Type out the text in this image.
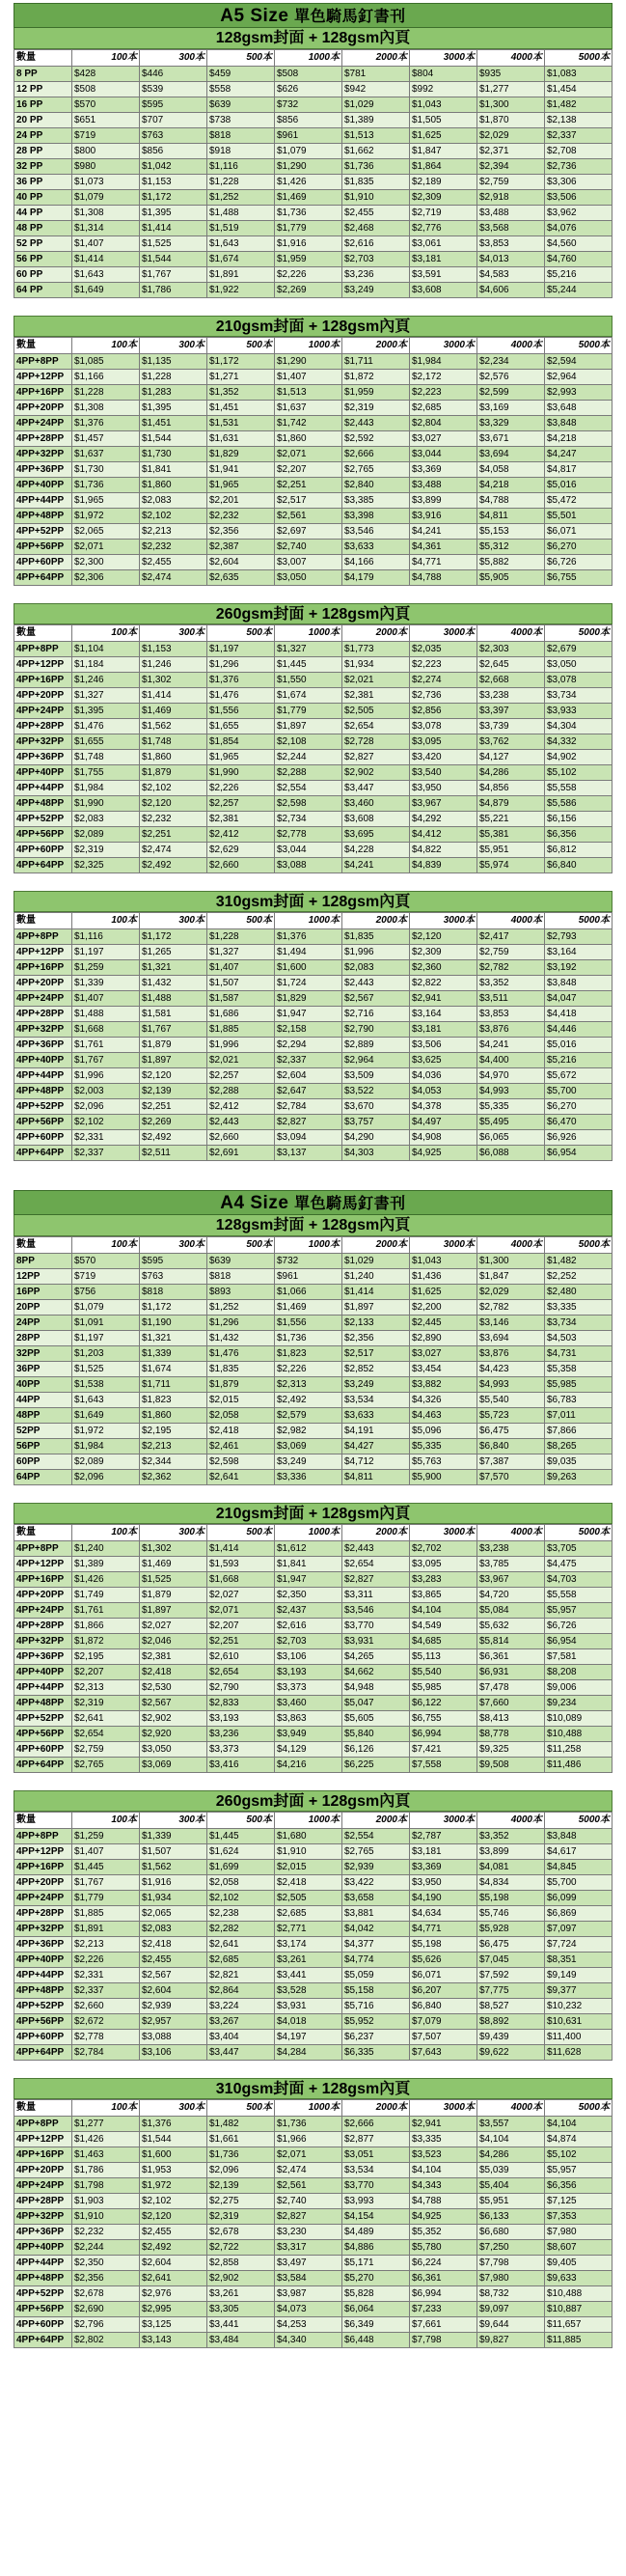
A5 Size 單色騎馬釘書刊
128gsm封面 + 128gsm內頁
數量	100本	300本	500本	1000本	2000本	3000本	4000本	5000本
8 PP	$428	$446	$459	$508	$781	$804	$935	$1,083
12 PP	$508	$539	$558	$626	$942	$992	$1,277	$1,454
16 PP	$570	$595	$639	$732	$1,029	$1,043	$1,300	$1,482
20 PP	$651	$707	$738	$856	$1,389	$1,505	$1,870	$2,138
24 PP	$719	$763	$818	$961	$1,513	$1,625	$2,029	$2,337
28 PP	$800	$856	$918	$1,079	$1,662	$1,847	$2,371	$2,708
32 PP	$980	$1,042	$1,116	$1,290	$1,736	$1,864	$2,394	$2,736
36 PP	$1,073	$1,153	$1,228	$1,426	$1,835	$2,189	$2,759	$3,306
40 PP	$1,079	$1,172	$1,252	$1,469	$1,910	$2,309	$2,918	$3,506
44 PP	$1,308	$1,395	$1,488	$1,736	$2,455	$2,719	$3,488	$3,962
48 PP	$1,314	$1,414	$1,519	$1,779	$2,468	$2,776	$3,568	$4,076
52 PP	$1,407	$1,525	$1,643	$1,916	$2,616	$3,061	$3,853	$4,560
56 PP	$1,414	$1,544	$1,674	$1,959	$2,703	$3,181	$4,013	$4,760
60 PP	$1,643	$1,767	$1,891	$2,226	$3,236	$3,591	$4,583	$5,216
64 PP	$1,649	$1,786	$1,922	$2,269	$3,249	$3,608	$4,606	$5,244
210gsm封面 + 128gsm內頁
數量	100本	300本	500本	1000本	2000本	3000本	4000本	5000本
4PP+8PP	$1,085	$1,135	$1,172	$1,290	$1,711	$1,984	$2,234	$2,594
4PP+12PP	$1,166	$1,228	$1,271	$1,407	$1,872	$2,172	$2,576	$2,964
4PP+16PP	$1,228	$1,283	$1,352	$1,513	$1,959	$2,223	$2,599	$2,993
4PP+20PP	$1,308	$1,395	$1,451	$1,637	$2,319	$2,685	$3,169	$3,648
4PP+24PP	$1,376	$1,451	$1,531	$1,742	$2,443	$2,804	$3,329	$3,848
4PP+28PP	$1,457	$1,544	$1,631	$1,860	$2,592	$3,027	$3,671	$4,218
4PP+32PP	$1,637	$1,730	$1,829	$2,071	$2,666	$3,044	$3,694	$4,247
4PP+36PP	$1,730	$1,841	$1,941	$2,207	$2,765	$3,369	$4,058	$4,817
4PP+40PP	$1,736	$1,860	$1,965	$2,251	$2,840	$3,488	$4,218	$5,016
4PP+44PP	$1,965	$2,083	$2,201	$2,517	$3,385	$3,899	$4,788	$5,472
4PP+48PP	$1,972	$2,102	$2,232	$2,561	$3,398	$3,916	$4,811	$5,501
4PP+52PP	$2,065	$2,213	$2,356	$2,697	$3,546	$4,241	$5,153	$6,071
4PP+56PP	$2,071	$2,232	$2,387	$2,740	$3,633	$4,361	$5,312	$6,270
4PP+60PP	$2,300	$2,455	$2,604	$3,007	$4,166	$4,771	$5,882	$6,726
4PP+64PP	$2,306	$2,474	$2,635	$3,050	$4,179	$4,788	$5,905	$6,755
260gsm封面 + 128gsm內頁
數量	100本	300本	500本	1000本	2000本	3000本	4000本	5000本
4PP+8PP	$1,104	$1,153	$1,197	$1,327	$1,773	$2,035	$2,303	$2,679
4PP+12PP	$1,184	$1,246	$1,296	$1,445	$1,934	$2,223	$2,645	$3,050
4PP+16PP	$1,246	$1,302	$1,376	$1,550	$2,021	$2,274	$2,668	$3,078
4PP+20PP	$1,327	$1,414	$1,476	$1,674	$2,381	$2,736	$3,238	$3,734
4PP+24PP	$1,395	$1,469	$1,556	$1,779	$2,505	$2,856	$3,397	$3,933
4PP+28PP	$1,476	$1,562	$1,655	$1,897	$2,654	$3,078	$3,739	$4,304
4PP+32PP	$1,655	$1,748	$1,854	$2,108	$2,728	$3,095	$3,762	$4,332
4PP+36PP	$1,748	$1,860	$1,965	$2,244	$2,827	$3,420	$4,127	$4,902
4PP+40PP	$1,755	$1,879	$1,990	$2,288	$2,902	$3,540	$4,286	$5,102
4PP+44PP	$1,984	$2,102	$2,226	$2,554	$3,447	$3,950	$4,856	$5,558
4PP+48PP	$1,990	$2,120	$2,257	$2,598	$3,460	$3,967	$4,879	$5,586
4PP+52PP	$2,083	$2,232	$2,381	$2,734	$3,608	$4,292	$5,221	$6,156
4PP+56PP	$2,089	$2,251	$2,412	$2,778	$3,695	$4,412	$5,381	$6,356
4PP+60PP	$2,319	$2,474	$2,629	$3,044	$4,228	$4,822	$5,951	$6,812
4PP+64PP	$2,325	$2,492	$2,660	$3,088	$4,241	$4,839	$5,974	$6,840
310gsm封面 + 128gsm內頁
數量	100本	300本	500本	1000本	2000本	3000本	4000本	5000本
4PP+8PP	$1,116	$1,172	$1,228	$1,376	$1,835	$2,120	$2,417	$2,793
4PP+12PP	$1,197	$1,265	$1,327	$1,494	$1,996	$2,309	$2,759	$3,164
4PP+16PP	$1,259	$1,321	$1,407	$1,600	$2,083	$2,360	$2,782	$3,192
4PP+20PP	$1,339	$1,432	$1,507	$1,724	$2,443	$2,822	$3,352	$3,848
4PP+24PP	$1,407	$1,488	$1,587	$1,829	$2,567	$2,941	$3,511	$4,047
4PP+28PP	$1,488	$1,581	$1,686	$1,947	$2,716	$3,164	$3,853	$4,418
4PP+32PP	$1,668	$1,767	$1,885	$2,158	$2,790	$3,181	$3,876	$4,446
4PP+36PP	$1,761	$1,879	$1,996	$2,294	$2,889	$3,506	$4,241	$5,016
4PP+40PP	$1,767	$1,897	$2,021	$2,337	$2,964	$3,625	$4,400	$5,216
4PP+44PP	$1,996	$2,120	$2,257	$2,604	$3,509	$4,036	$4,970	$5,672
4PP+48PP	$2,003	$2,139	$2,288	$2,647	$3,522	$4,053	$4,993	$5,700
4PP+52PP	$2,096	$2,251	$2,412	$2,784	$3,670	$4,378	$5,335	$6,270
4PP+56PP	$2,102	$2,269	$2,443	$2,827	$3,757	$4,497	$5,495	$6,470
4PP+60PP	$2,331	$2,492	$2,660	$3,094	$4,290	$4,908	$6,065	$6,926
4PP+64PP	$2,337	$2,511	$2,691	$3,137	$4,303	$4,925	$6,088	$6,954
A4 Size 單色騎馬釘書刊
128gsm封面 + 128gsm內頁
數量	100本	300本	500本	1000本	2000本	3000本	4000本	5000本
8PP	$570	$595	$639	$732	$1,029	$1,043	$1,300	$1,482
12PP	$719	$763	$818	$961	$1,240	$1,436	$1,847	$2,252
16PP	$756	$818	$893	$1,066	$1,414	$1,625	$2,029	$2,480
20PP	$1,079	$1,172	$1,252	$1,469	$1,897	$2,200	$2,782	$3,335
24PP	$1,091	$1,190	$1,296	$1,556	$2,133	$2,445	$3,146	$3,734
28PP	$1,197	$1,321	$1,432	$1,736	$2,356	$2,890	$3,694	$4,503
32PP	$1,203	$1,339	$1,476	$1,823	$2,517	$3,027	$3,876	$4,731
36PP	$1,525	$1,674	$1,835	$2,226	$2,852	$3,454	$4,423	$5,358
40PP	$1,538	$1,711	$1,879	$2,313	$3,249	$3,882	$4,993	$5,985
44PP	$1,643	$1,823	$2,015	$2,492	$3,534	$4,326	$5,540	$6,783
48PP	$1,649	$1,860	$2,058	$2,579	$3,633	$4,463	$5,723	$7,011
52PP	$1,972	$2,195	$2,418	$2,982	$4,191	$5,096	$6,475	$7,866
56PP	$1,984	$2,213	$2,461	$3,069	$4,427	$5,335	$6,840	$8,265
60PP	$2,089	$2,344	$2,598	$3,249	$4,712	$5,763	$7,387	$9,035
64PP	$2,096	$2,362	$2,641	$3,336	$4,811	$5,900	$7,570	$9,263
210gsm封面 + 128gsm內頁
數量	100本	300本	500本	1000本	2000本	3000本	4000本	5000本
4PP+8PP	$1,240	$1,302	$1,414	$1,612	$2,443	$2,702	$3,238	$3,705
4PP+12PP	$1,389	$1,469	$1,593	$1,841	$2,654	$3,095	$3,785	$4,475
4PP+16PP	$1,426	$1,525	$1,668	$1,947	$2,827	$3,283	$3,967	$4,703
4PP+20PP	$1,749	$1,879	$2,027	$2,350	$3,311	$3,865	$4,720	$5,558
4PP+24PP	$1,761	$1,897	$2,071	$2,437	$3,546	$4,104	$5,084	$5,957
4PP+28PP	$1,866	$2,027	$2,207	$2,616	$3,770	$4,549	$5,632	$6,726
4PP+32PP	$1,872	$2,046	$2,251	$2,703	$3,931	$4,685	$5,814	$6,954
4PP+36PP	$2,195	$2,381	$2,610	$3,106	$4,265	$5,113	$6,361	$7,581
4PP+40PP	$2,207	$2,418	$2,654	$3,193	$4,662	$5,540	$6,931	$8,208
4PP+44PP	$2,313	$2,530	$2,790	$3,373	$4,948	$5,985	$7,478	$9,006
4PP+48PP	$2,319	$2,567	$2,833	$3,460	$5,047	$6,122	$7,660	$9,234
4PP+52PP	$2,641	$2,902	$3,193	$3,863	$5,605	$6,755	$8,413	$10,089
4PP+56PP	$2,654	$2,920	$3,236	$3,949	$5,840	$6,994	$8,778	$10,488
4PP+60PP	$2,759	$3,050	$3,373	$4,129	$6,126	$7,421	$9,325	$11,258
4PP+64PP	$2,765	$3,069	$3,416	$4,216	$6,225	$7,558	$9,508	$11,486
260gsm封面 + 128gsm內頁
數量	100本	300本	500本	1000本	2000本	3000本	4000本	5000本
4PP+8PP	$1,259	$1,339	$1,445	$1,680	$2,554	$2,787	$3,352	$3,848
4PP+12PP	$1,407	$1,507	$1,624	$1,910	$2,765	$3,181	$3,899	$4,617
4PP+16PP	$1,445	$1,562	$1,699	$2,015	$2,939	$3,369	$4,081	$4,845
4PP+20PP	$1,767	$1,916	$2,058	$2,418	$3,422	$3,950	$4,834	$5,700
4PP+24PP	$1,779	$1,934	$2,102	$2,505	$3,658	$4,190	$5,198	$6,099
4PP+28PP	$1,885	$2,065	$2,238	$2,685	$3,881	$4,634	$5,746	$6,869
4PP+32PP	$1,891	$2,083	$2,282	$2,771	$4,042	$4,771	$5,928	$7,097
4PP+36PP	$2,213	$2,418	$2,641	$3,174	$4,377	$5,198	$6,475	$7,724
4PP+40PP	$2,226	$2,455	$2,685	$3,261	$4,774	$5,626	$7,045	$8,351
4PP+44PP	$2,331	$2,567	$2,821	$3,441	$5,059	$6,071	$7,592	$9,149
4PP+48PP	$2,337	$2,604	$2,864	$3,528	$5,158	$6,207	$7,775	$9,377
4PP+52PP	$2,660	$2,939	$3,224	$3,931	$5,716	$6,840	$8,527	$10,232
4PP+56PP	$2,672	$2,957	$3,267	$4,018	$5,952	$7,079	$8,892	$10,631
4PP+60PP	$2,778	$3,088	$3,404	$4,197	$6,237	$7,507	$9,439	$11,400
4PP+64PP	$2,784	$3,106	$3,447	$4,284	$6,335	$7,643	$9,622	$11,628
310gsm封面 + 128gsm內頁
數量	100本	300本	500本	1000本	2000本	3000本	4000本	5000本
4PP+8PP	$1,277	$1,376	$1,482	$1,736	$2,666	$2,941	$3,557	$4,104
4PP+12PP	$1,426	$1,544	$1,661	$1,966	$2,877	$3,335	$4,104	$4,874
4PP+16PP	$1,463	$1,600	$1,736	$2,071	$3,051	$3,523	$4,286	$5,102
4PP+20PP	$1,786	$1,953	$2,096	$2,474	$3,534	$4,104	$5,039	$5,957
4PP+24PP	$1,798	$1,972	$2,139	$2,561	$3,770	$4,343	$5,404	$6,356
4PP+28PP	$1,903	$2,102	$2,275	$2,740	$3,993	$4,788	$5,951	$7,125
4PP+32PP	$1,910	$2,120	$2,319	$2,827	$4,154	$4,925	$6,133	$7,353
4PP+36PP	$2,232	$2,455	$2,678	$3,230	$4,489	$5,352	$6,680	$7,980
4PP+40PP	$2,244	$2,492	$2,722	$3,317	$4,886	$5,780	$7,250	$8,607
4PP+44PP	$2,350	$2,604	$2,858	$3,497	$5,171	$6,224	$7,798	$9,405
4PP+48PP	$2,356	$2,641	$2,902	$3,584	$5,270	$6,361	$7,980	$9,633
4PP+52PP	$2,678	$2,976	$3,261	$3,987	$5,828	$6,994	$8,732	$10,488
4PP+56PP	$2,690	$2,995	$3,305	$4,073	$6,064	$7,233	$9,097	$10,887
4PP+60PP	$2,796	$3,125	$3,441	$4,253	$6,349	$7,661	$9,644	$11,657
4PP+64PP	$2,802	$3,143	$3,484	$4,340	$6,448	$7,798	$9,827	$11,885
